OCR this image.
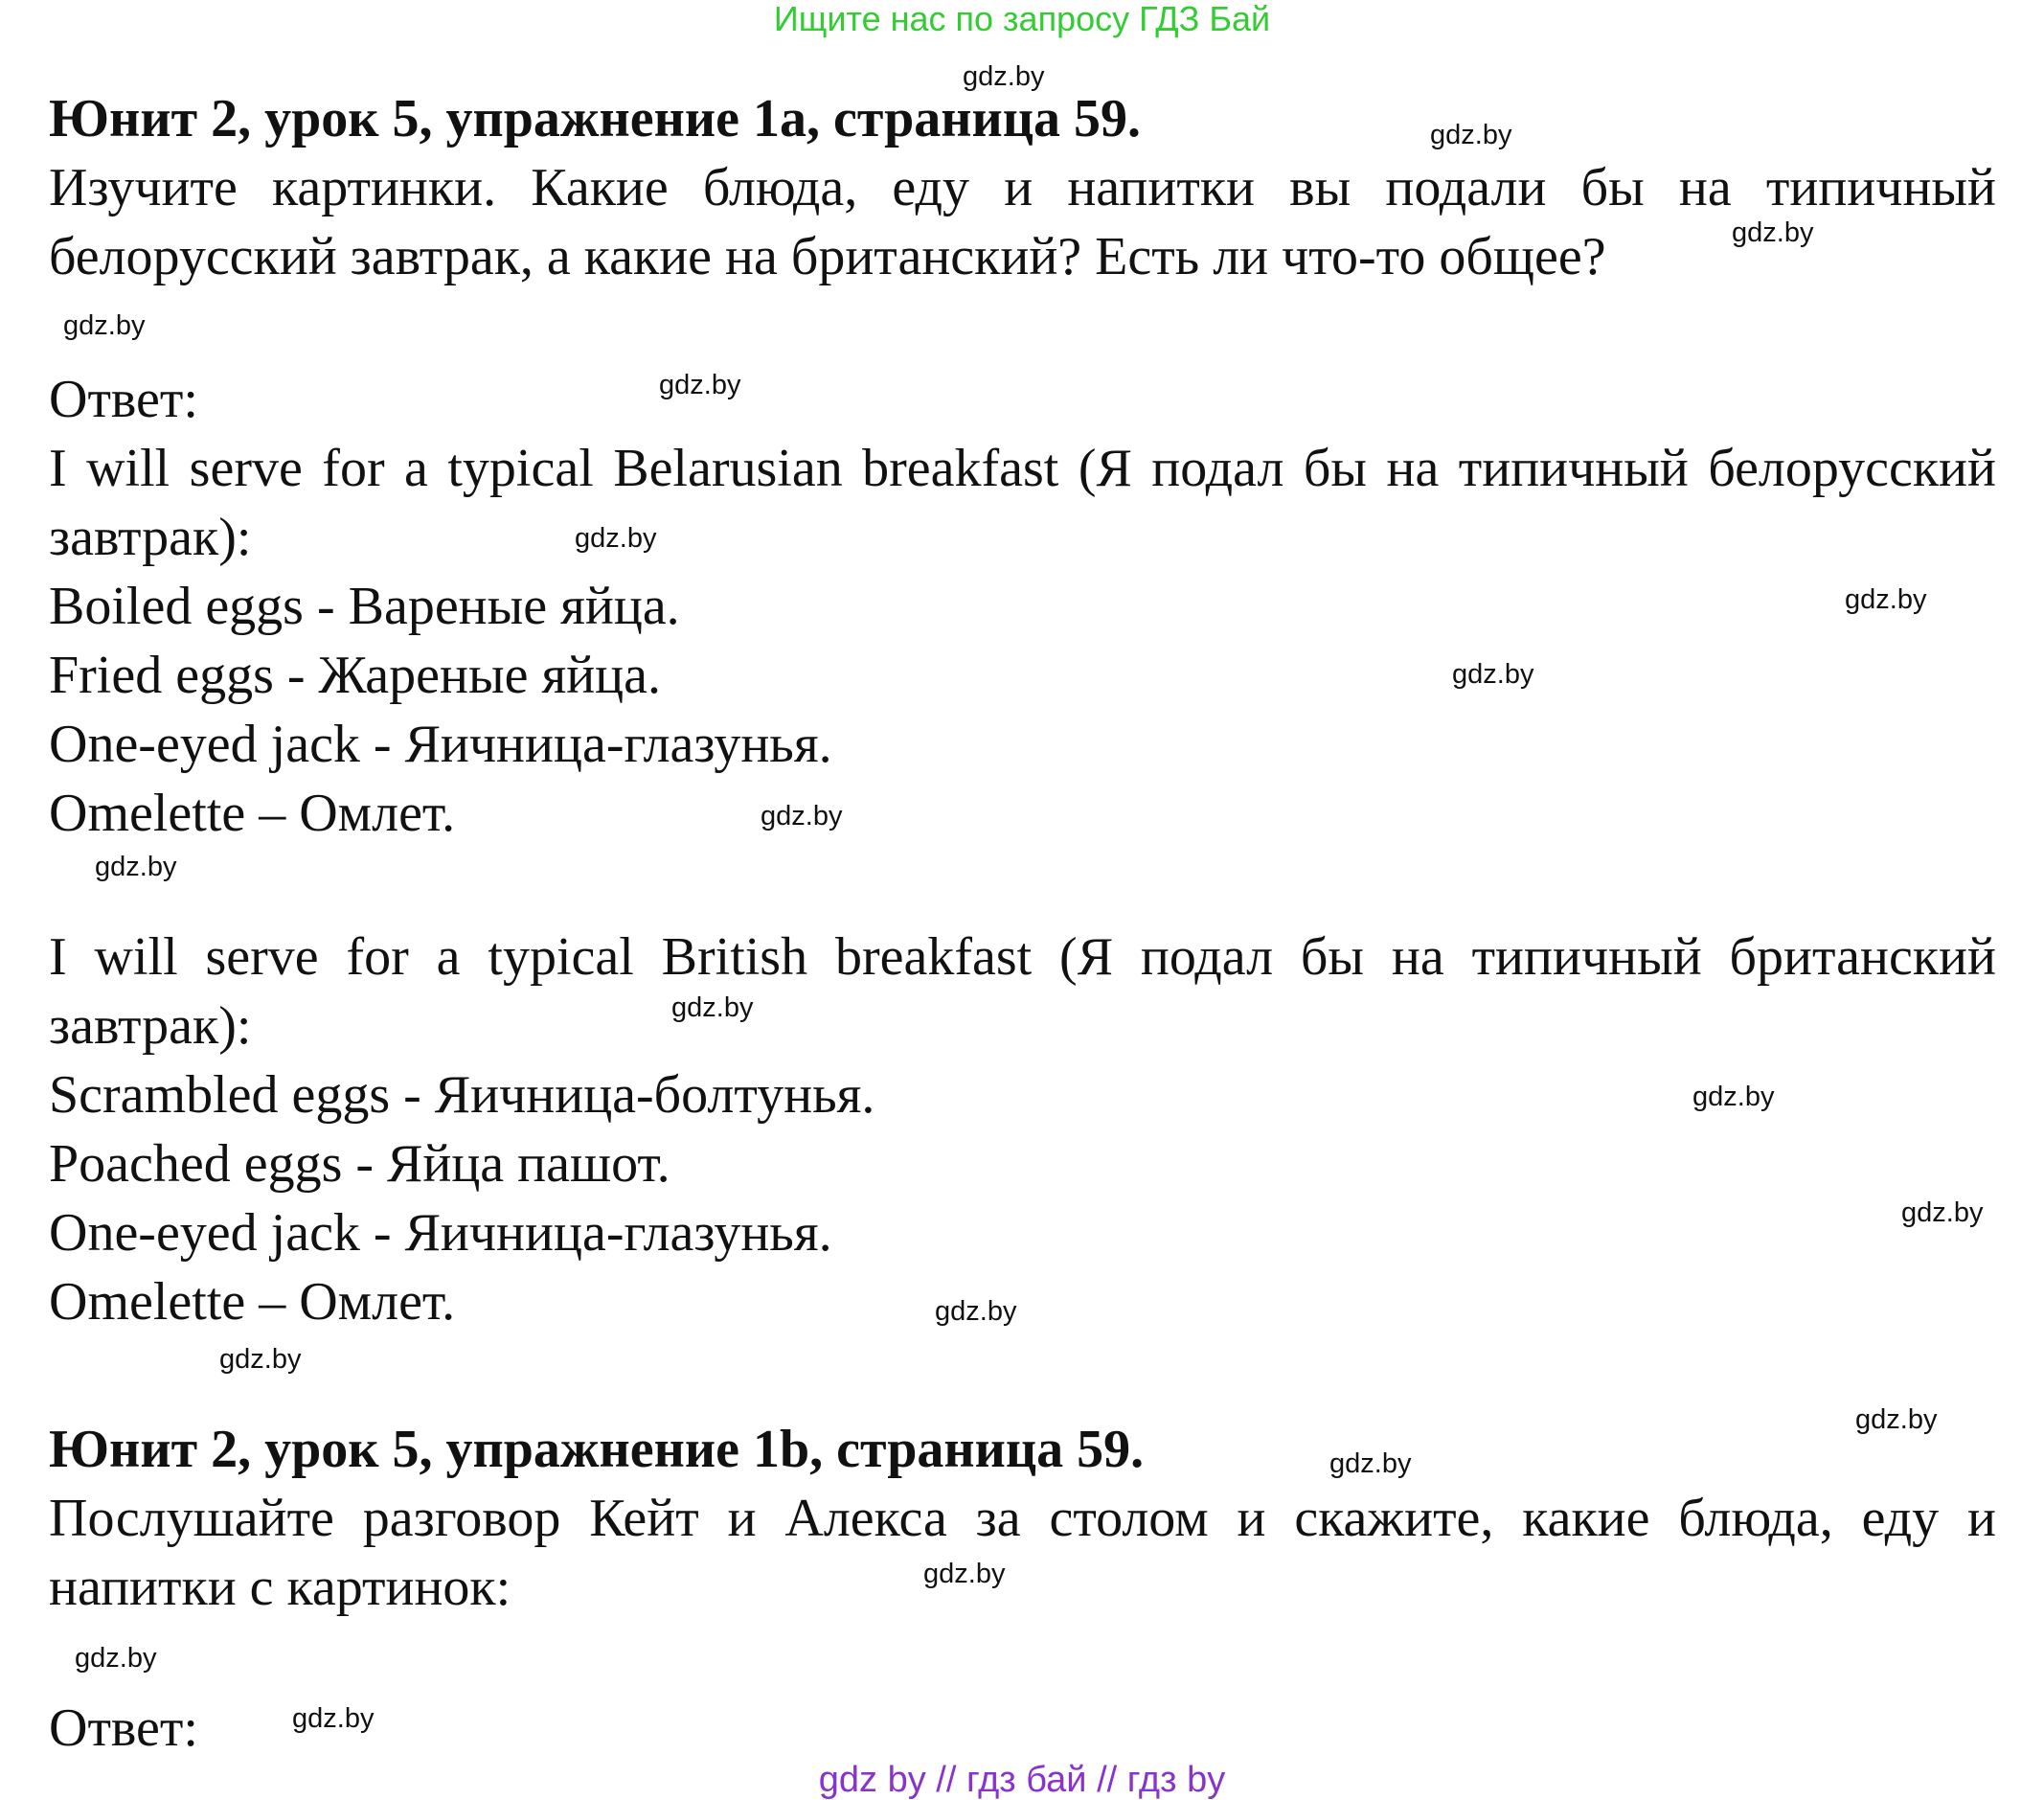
Ищите нас по запросу ГДЗ Бай
Юнит 2, урок 5, упражнение 1a, страница 59.
Изучите картинки. Какие блюда, еду и напитки вы подали бы на типичный
белорусский завтрак, а какие на британский? Есть ли что-то общее?
Ответ:
I will serve for a typical Belarusian breakfast (Я подал бы на типичный белорусский
завтрак):
Boiled eggs - Вареные яйца.
Fried eggs - Жареные яйца.
One-eyed jack - Яичница-глазунья.
Omelette – Омлет.
I will serve for a typical British breakfast (Я подал бы на типичный британский
завтрак):
Scrambled eggs - Яичница-болтунья.
Poached eggs - Яйца пашот.
One-eyed jack - Яичница-глазунья.
Omelette – Омлет.
Юнит 2, урок 5, упражнение 1b, страница 59.
Послушайте разговор Кейт и Алекса за столом и скажите, какие блюда, еду и
напитки с картинок:
Ответ:
gdz.by
gdz.by
gdz.by
gdz.by
gdz.by
gdz.by
gdz.by
gdz.by
gdz.by
gdz.by
gdz.by
gdz.by
gdz.by
gdz.by
gdz.by
gdz.by
gdz.by
gdz.by
gdz.by
gdz.by
gdz by // гдз бай // гдз by
